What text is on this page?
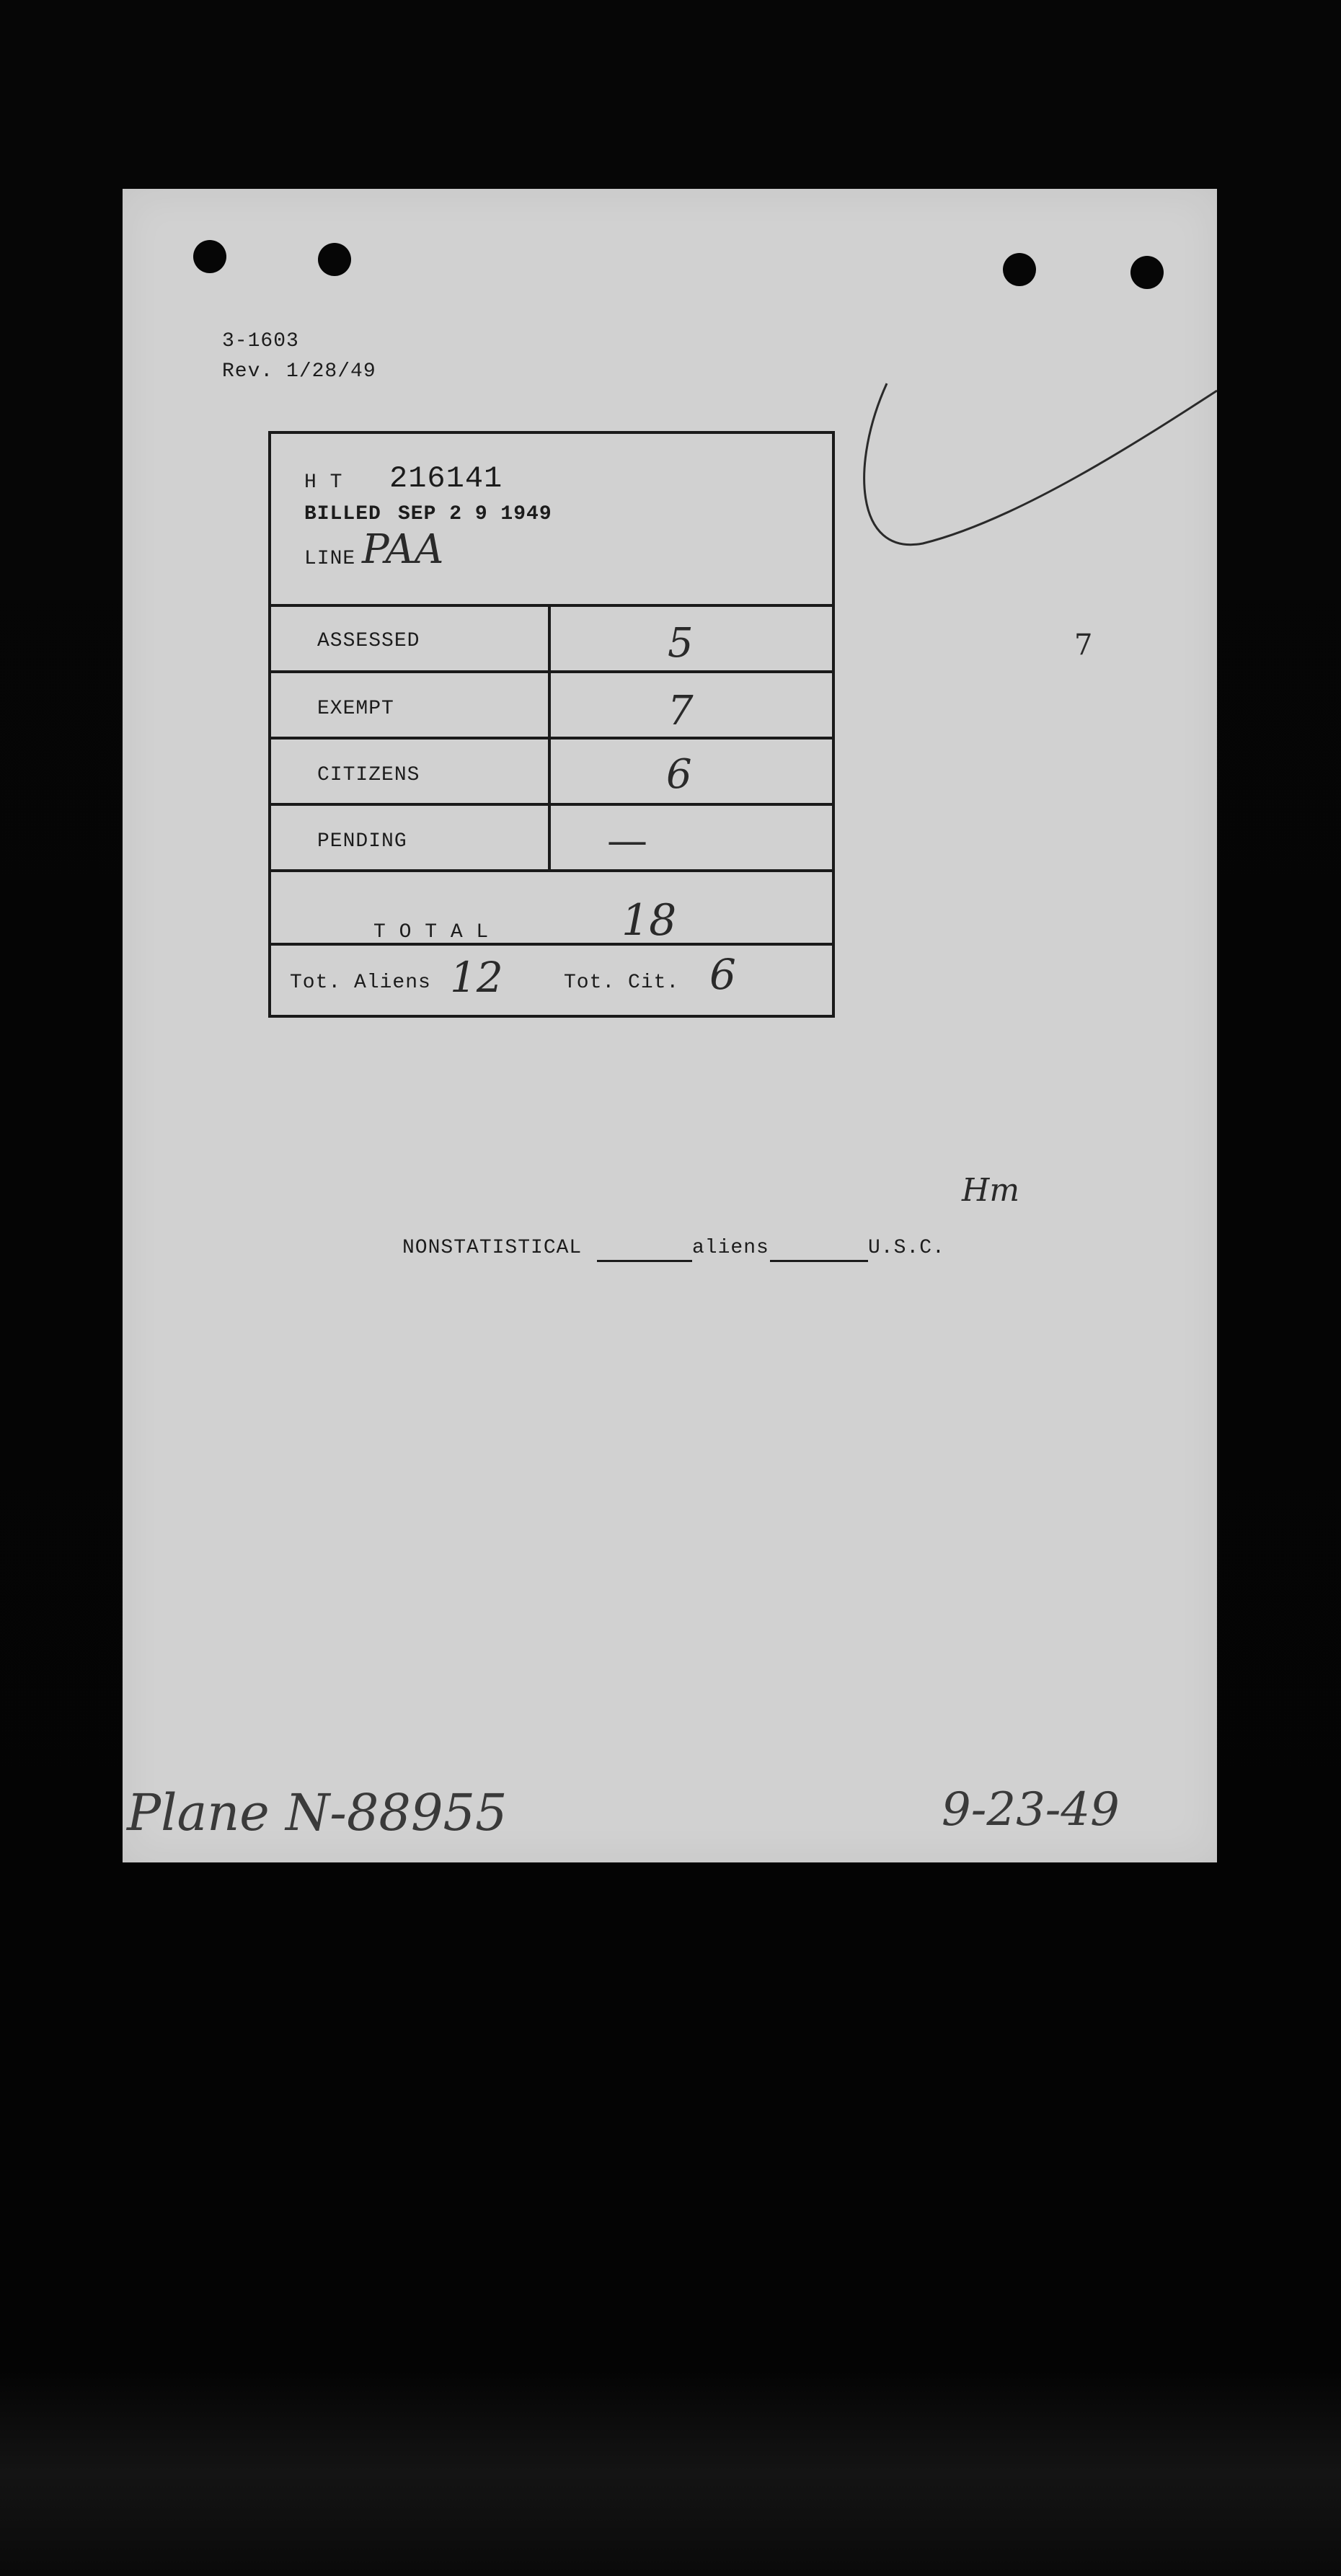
3-1603
Rev. 1/28/49
7
Plane N-88955	9-23-49
H T 216141
BILLED SEP 2 9 1949
LINE PAA
ASSESSED	5
EXEMPT	7
CITIZENS	6
PENDING	—
T O T A L	18
Tot. Aliens 12	Tot. Cit. 6
Hm
NONSTATISTICAL	aliens	U.S.C.
